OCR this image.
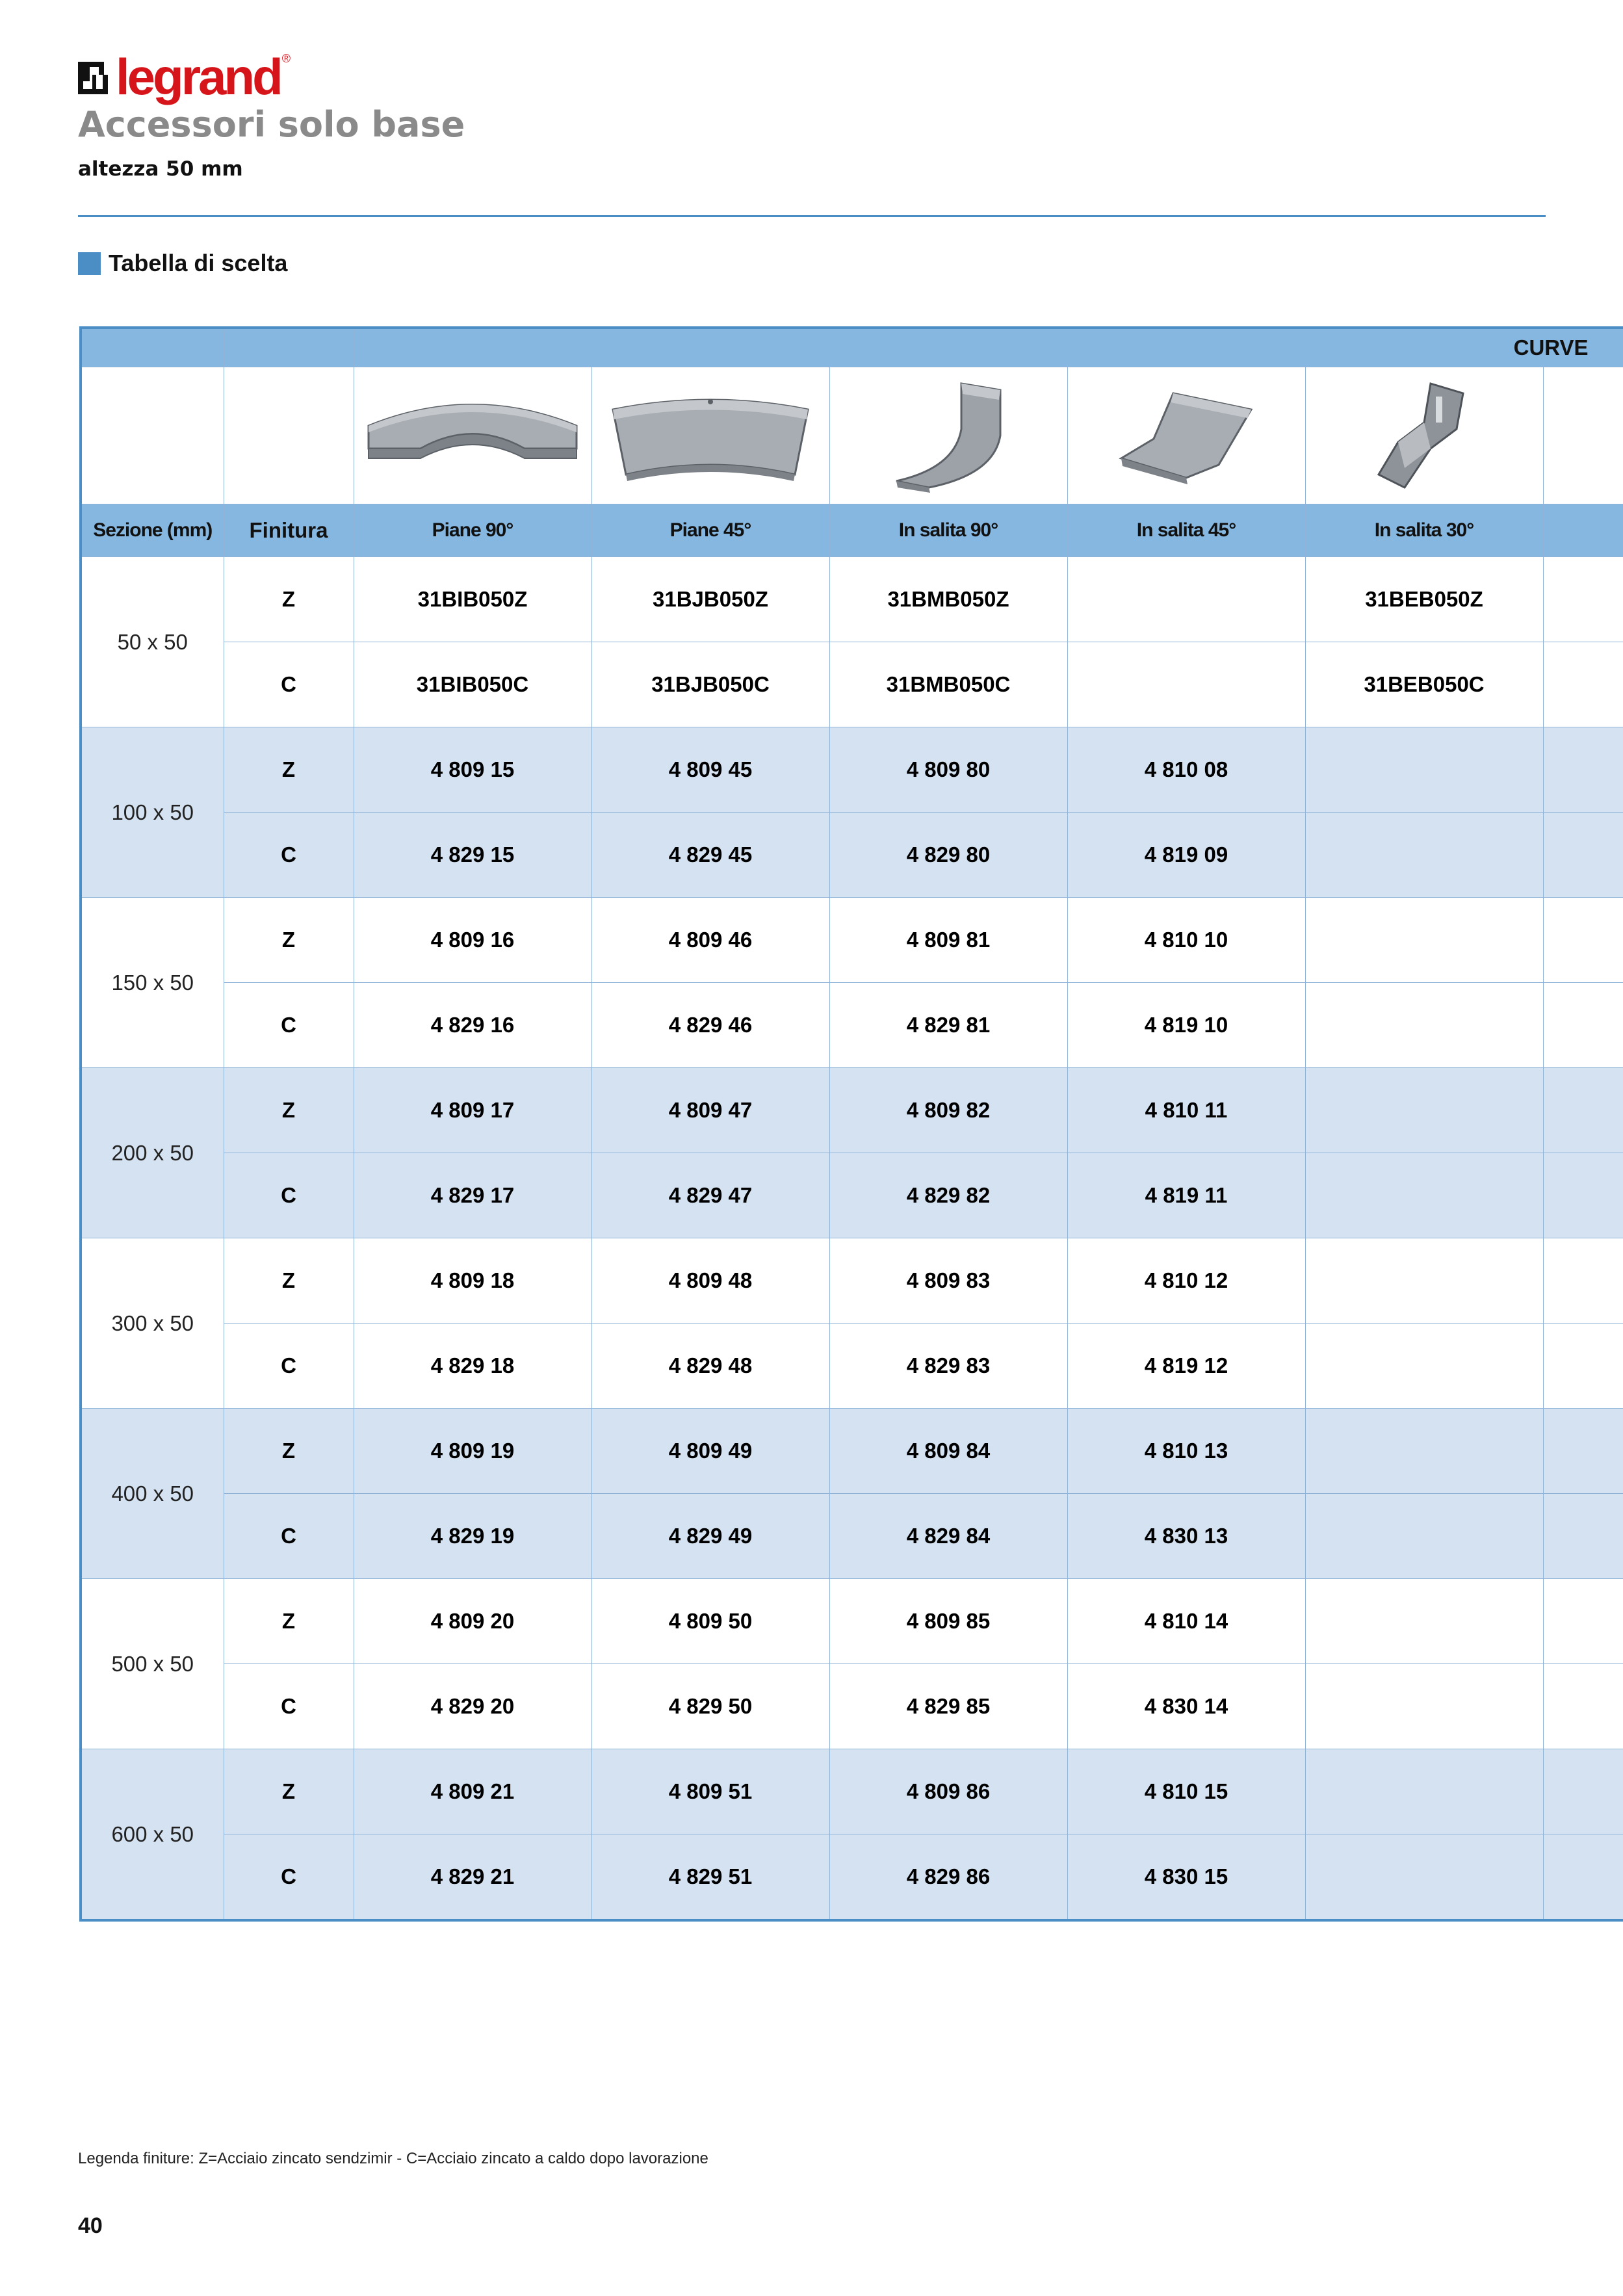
legrand ®
Accessori solo base
altezza 50 mm
Tabella di scelta
		CURVE					

Sezione (mm)	Finitura	Piane 90°	Piane 45°	In salita 90°	In salita 45°	In salita 30°	
50 x 50	Z	31BIB050Z	31BJB050Z	31BMB050Z		31BEB050Z	
	C	31BIB050C	31BJB050C	31BMB050C		31BEB050C	
100 x 50	Z	4 809 15	4 809 45	4 809 80	4 810 08		
	C	4 829 15	4 829 45	4 829 80	4 819 09		
150 x 50	Z	4 809 16	4 809 46	4 809 81	4 810 10		
	C	4 829 16	4 829 46	4 829 81	4 819 10		
200 x 50	Z	4 809 17	4 809 47	4 809 82	4 810 11		
	C	4 829 17	4 829 47	4 829 82	4 819 11		
300 x 50	Z	4 809 18	4 809 48	4 809 83	4 810 12		
	C	4 829 18	4 829 48	4 829 83	4 819 12		
400 x 50	Z	4 809 19	4 809 49	4 809 84	4 810 13		
	C	4 829 19	4 829 49	4 829 84	4 830 13		
500 x 50	Z	4 809 20	4 809 50	4 809 85	4 810 14		
	C	4 829 20	4 829 50	4 829 85	4 830 14		
600 x 50	Z	4 809 21	4 809 51	4 809 86	4 810 15		
	C	4 829 21	4 829 51	4 829 86	4 830 15		
Legenda finiture: Z=Acciaio zincato sendzimir - C=Acciaio zincato a caldo dopo lavorazione
40
